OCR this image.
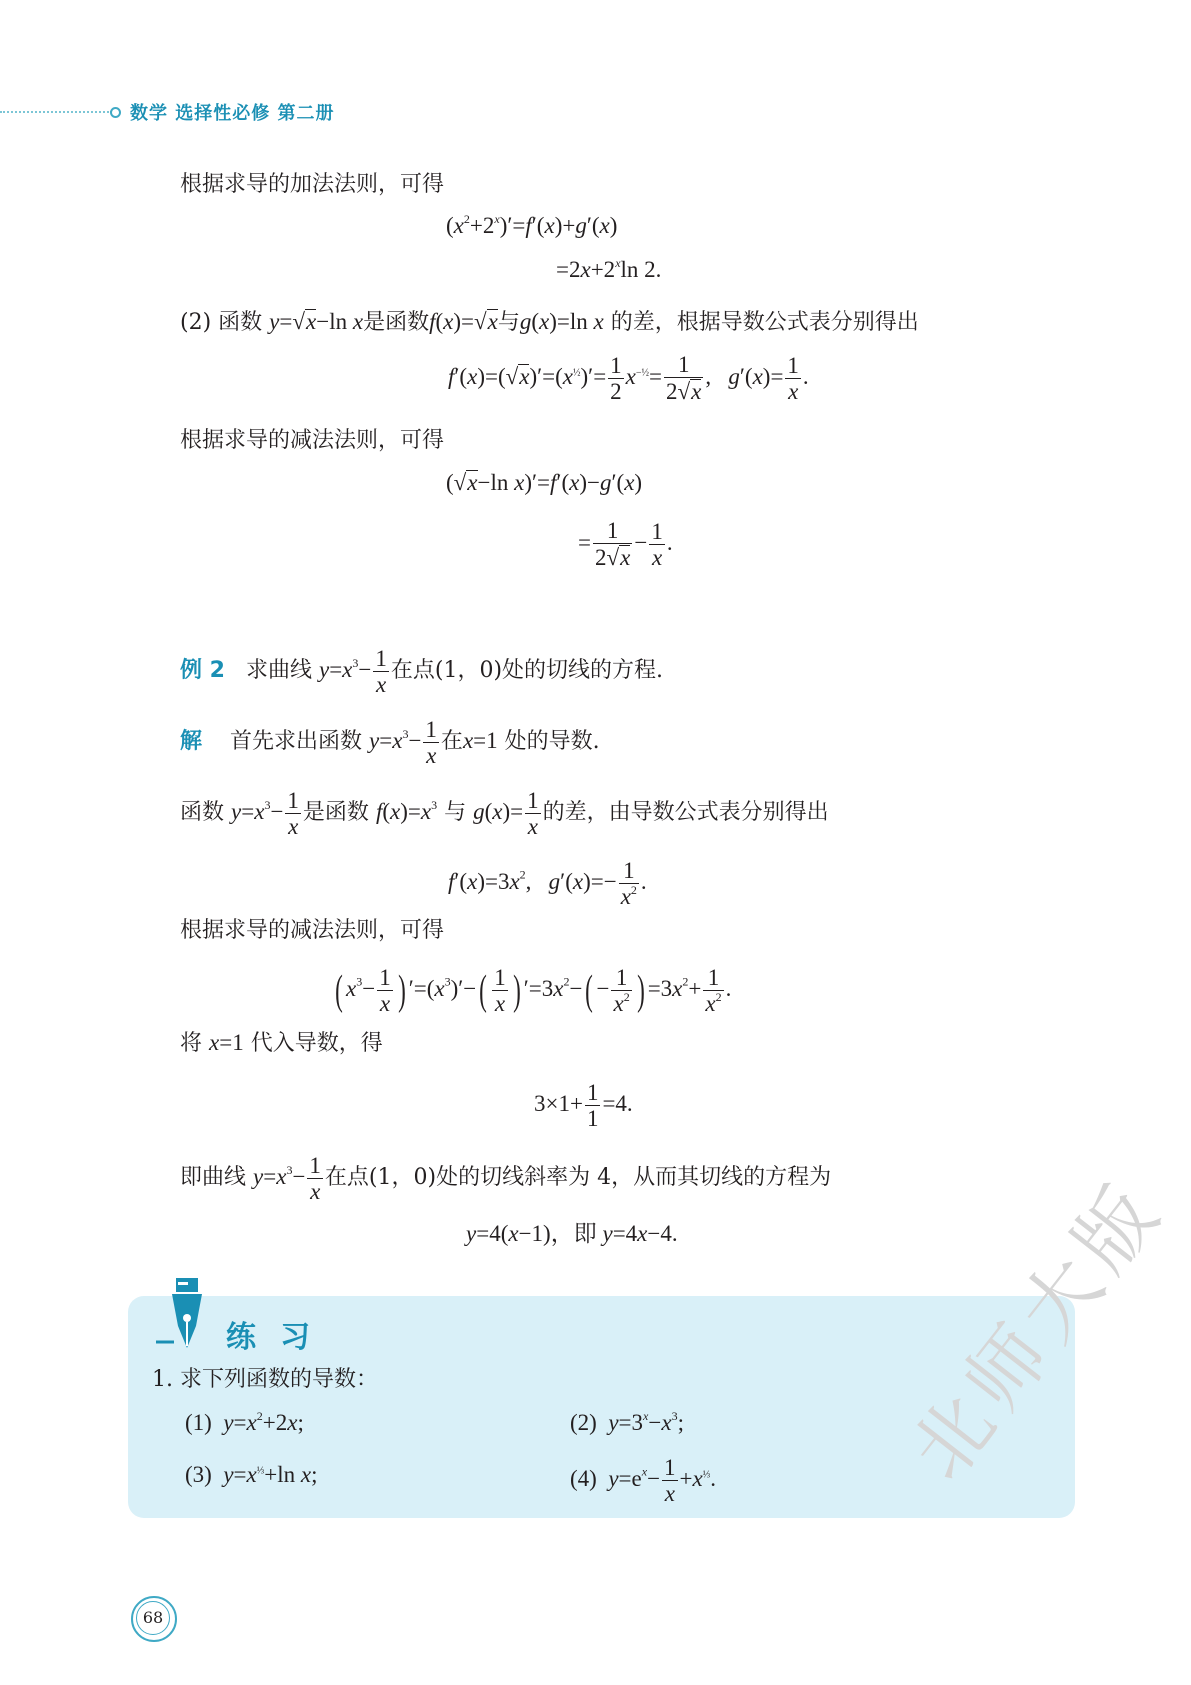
数学 选择性必修 第二册
根据求导的加法法则，可得
$(x^2+2^x)'=f'(x)+g'(x)$
$=2x+2^x\ln$ 2.
(2) 函数 y=√x−ln x是函数f(x)=√x与g(x)=ln x 的差，根据导数公式表分别得出
$f'(x)=(√x)'=(x^{\frac{1}{2}})'= \frac{1}{2} x^{-\frac{1}{2}}= \frac{1}{2√x}$ ,   $g'(x)= \frac{1}{x}$ .
根据求导的减法法则，可得
(√x−ln x)′=f′(x)−g′(x)
= $\frac{1}{2√x} - \frac{1}{x}$ .
例 2 求曲线 $y=x^3- \frac{1}{x}$ 在点(1，0)处的切线的方程.
解 首先求出函数 $y=x^3- \frac{1}{x}$ 在x=1 处的导数.
函数 $y=x^3- \frac{1}{x}$ 是函数 $f(x)=x^3$ 与 $g(x)= \frac{1}{x}$ 的差，由导数公式表分别得出
$f'(x)=3x^2$,   $g'(x)=- \frac{1}{x^2}$ .
根据求导的减法法则，可得
( $x^3- \frac{1}{x}$ ) $'=(x^3)'-( \frac{1}{x}$ ) $'=3x^2-( - \frac{1}{x^2}$ ) $=3x^2+ \frac{1}{x^2}$ .
将 x=1 代入导数，得
$3\times 1+ \frac{1}{1} =4$.
即曲线 $y=x^3- \frac{1}{x}$ 在点(1，0)处的切线斜率为 4，从而其切线的方程为
y=4(x−1)，即 y=4x−4.
练习
1. 求下列函数的导数：
(1) $y=x^2+2x$;	(2) $y=3^x-x^3$;
(3) $y=x^{\frac{1}{3}}+\ln$ x;	(4) $y=e^x- \frac{1}{x} +x^{\frac{1}{3}}$.
68
北师大版
